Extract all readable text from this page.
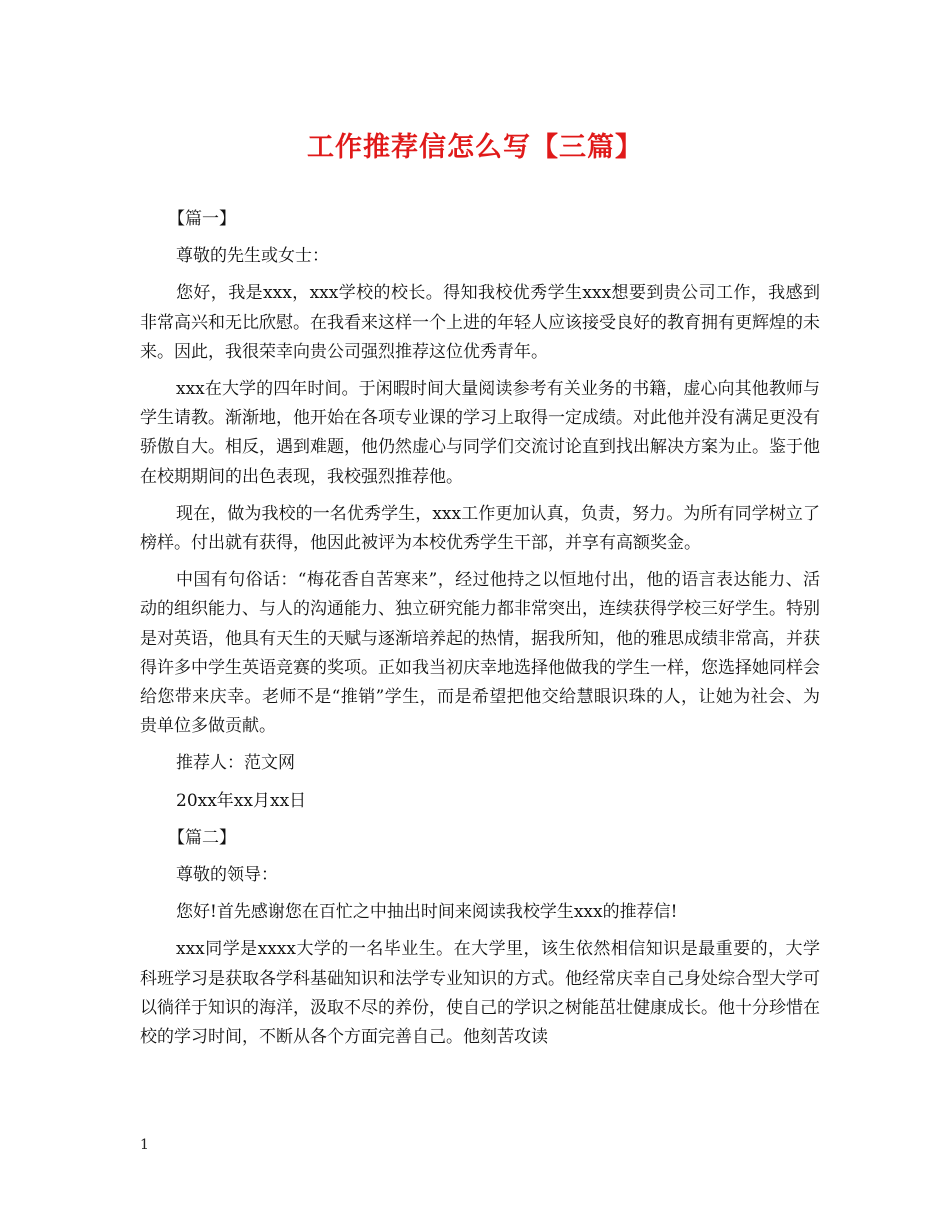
工作推荐信怎么写【三篇】

【篇一】

尊敬的先生或女士：

您好，我是xxx，xxx学校的校长。得知我校优秀学生xxx想要到贵公司工作，我感到非常高兴和无比欣慰。在我看来这样一个上进的年轻人应该接受良好的教育拥有更辉煌的未来。因此，我很荣幸向贵公司强烈推荐这位优秀青年。

xxx在大学的四年时间。于闲暇时间大量阅读参考有关业务的书籍，虚心向其他教师与学生请教。渐渐地，他开始在各项专业课的学习上取得一定成绩。对此他并没有满足更没有骄傲自大。相反，遇到难题，他仍然虚心与同学们交流讨论直到找出解决方案为止。鉴于他在校期期间的出色表现，我校强烈推荐他。

现在，做为我校的一名优秀学生，xxx工作更加认真，负责，努力。为所有同学树立了榜样。付出就有获得，他因此被评为本校优秀学生干部，并享有高额奖金。

中国有句俗话：“梅花香自苦寒来”，经过他持之以恒地付出，他的语言表达能力、活动的组织能力、与人的沟通能力、独立研究能力都非常突出，连续获得学校三好学生。特别是对英语，他具有天生的天赋与逐渐培养起的热情，据我所知，他的雅思成绩非常高，并获得许多中学生英语竞赛的奖项。正如我当初庆幸地选择他做我的学生一样，您选择她同样会给您带来庆幸。老师不是“推销”学生，而是希望把他交给慧眼识珠的人，让她为社会、为贵单位多做贡献。

推荐人：范文网

20xx年xx月xx日

【篇二】

尊敬的领导：

您好!首先感谢您在百忙之中抽出时间来阅读我校学生xxx的推荐信!

xxx同学是xxxx大学的一名毕业生。在大学里，该生依然相信知识是最重要的，大学科班学习是获取各学科基础知识和法学专业知识的方式。他经常庆幸自己身处综合型大学可以徜徉于知识的海洋，汲取不尽的养份，使自己的学识之树能茁壮健康成长。他十分珍惜在校的学习时间，不断从各个方面完善自己。他刻苦攻读

1
